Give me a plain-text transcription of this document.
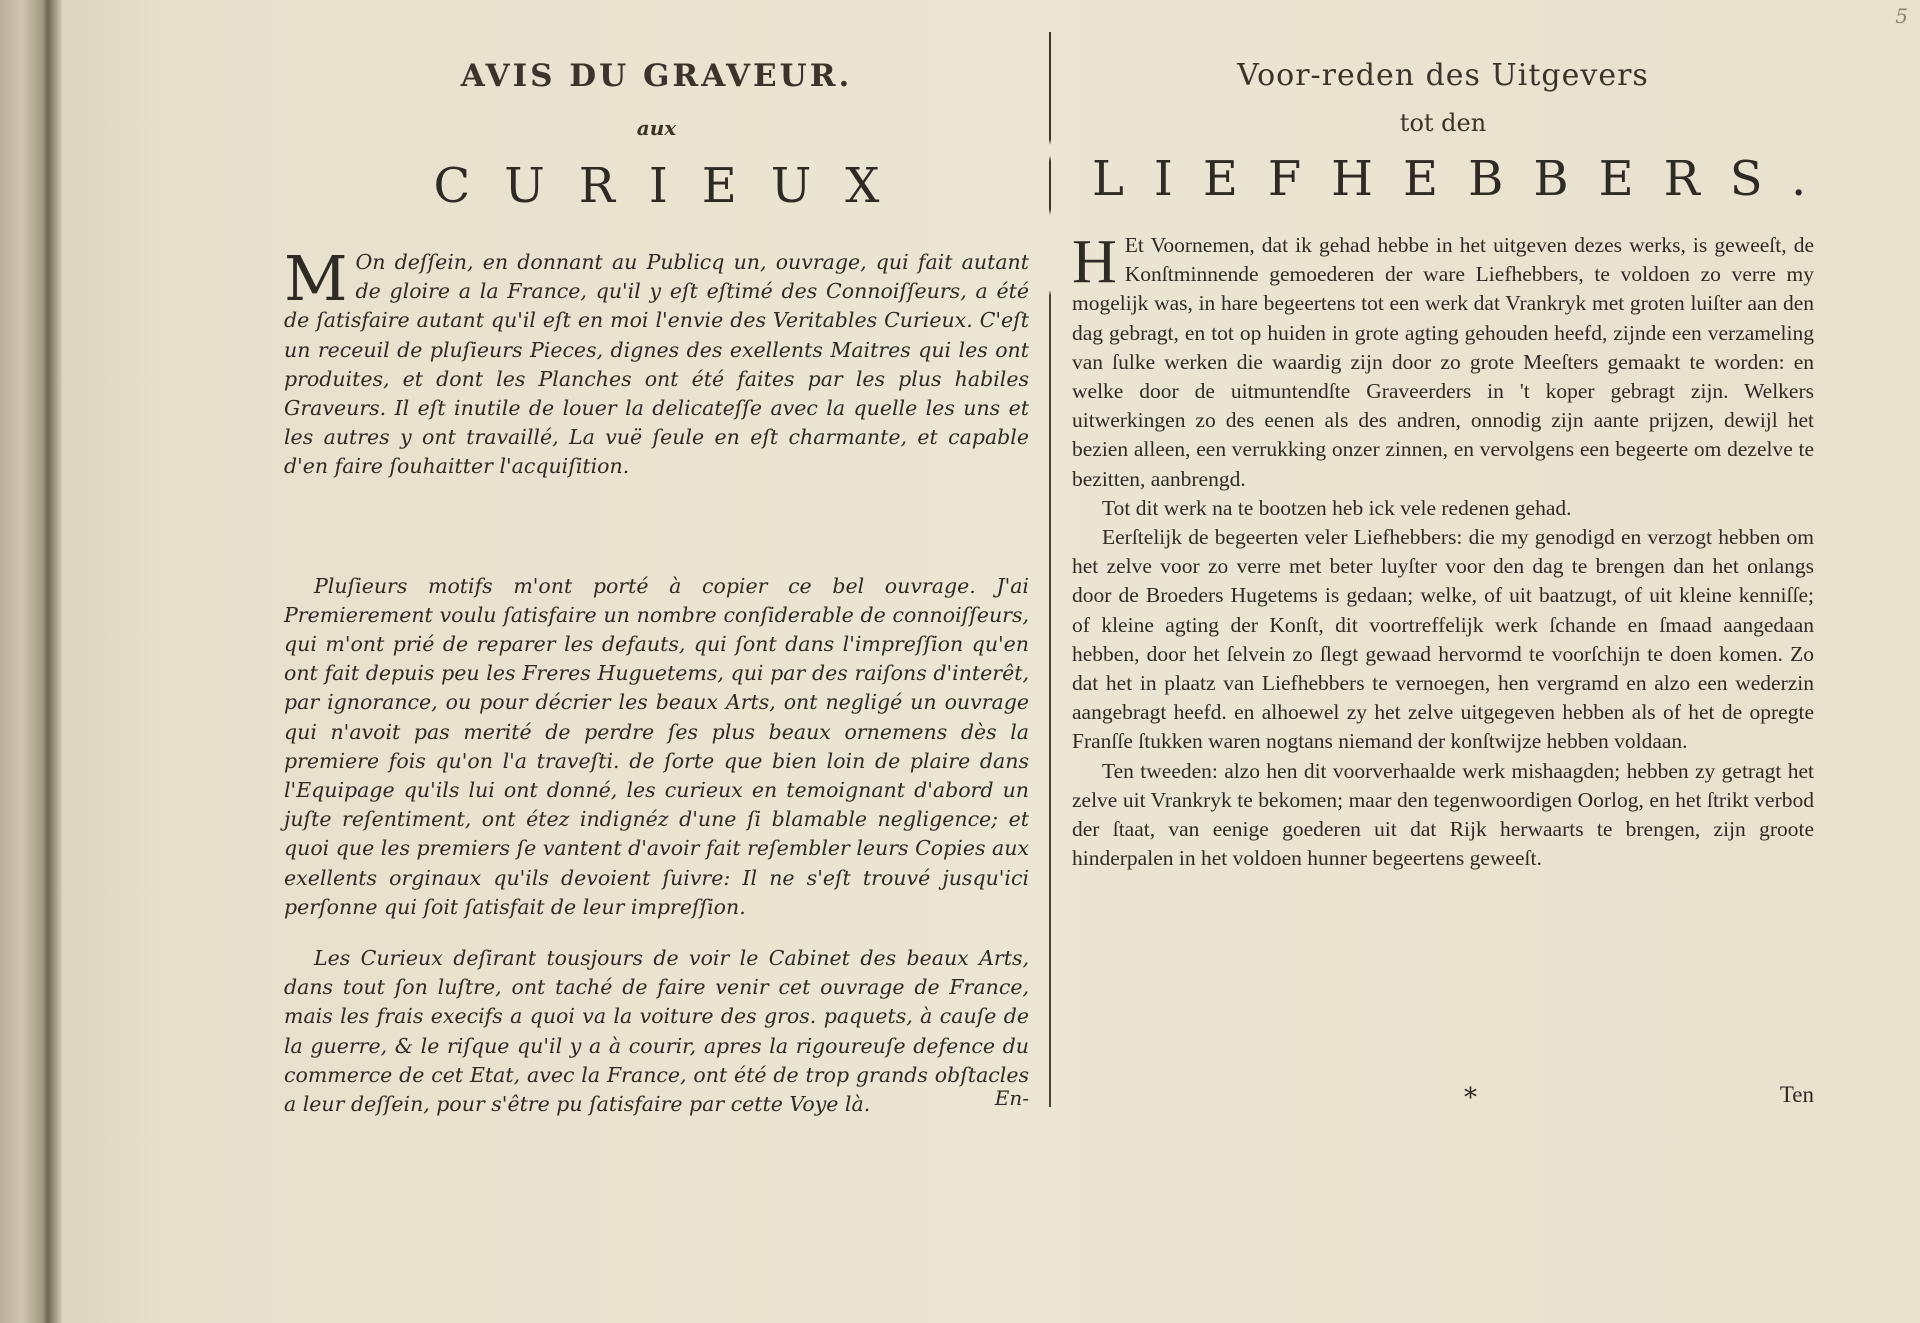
5
AVIS DU GRAVEUR.
aux
CURIEUX

M On deſſein, en donnant au Publicq un, ouvrage, qui fait autant de gloire a la France, qu'il y eſt eſtimé des Connoiſſeurs, a été de ſatisfaire autant qu'il eſt en moi l'envie des Veritables Curieux. C'eſt un receuil de pluſieurs Pieces, dignes des exellents Maitres qui les ont produites, et dont les Planches ont été faites par les plus habiles Graveurs. Il eſt inutile de louer la delicateſſe avec la quelle les uns et les autres y ont travaillé, La vuë ſeule en eſt charmante, et capable d'en faire ſouhaitter l'acquiſition.

Pluſieurs motifs m'ont porté à copier ce bel ouvrage. J'ai Premierement voulu ſatisfaire un nombre conſiderable de connoiſſeurs, qui m'ont prié de reparer les defauts, qui ſont dans l'impreſſion qu'en ont fait depuis peu les Freres Huguetems, qui par des raiſons d'interêt, par ignorance, ou pour décrier les beaux Arts, ont negligé un ouvrage qui n'avoit pas merité de perdre ſes plus beaux ornemens dès la premiere fois qu'on l'a traveſti. de ſorte que bien loin de plaire dans l'Equipage qu'ils lui ont donné, les curieux en temoignant d'abord un juſte reſentiment, ont étez indignéz d'une ſi blamable negligence; et quoi que les premiers ſe vantent d'avoir fait reſembler leurs Copies aux exellents orginaux qu'ils devoient ſuivre: Il ne s'eſt trouvé jusqu'ici perſonne qui ſoit ſatisfait de leur impreſſion.

Les Curieux deſirant tousjours de voir le Cabinet des beaux Arts, dans tout ſon luſtre, ont taché de faire venir cet ouvrage de France, mais les frais execifs a quoi va la voiture des gros. paquets, à cauſe de la guerre, & le riſque qu'il y a à courir, apres la rigoureuſe defence du commerce de cet Etat, avec la France, ont été de trop grands obſtacles a leur deſſein, pour s'être pu ſatisfaire par cette Voye là.	En-
Voor-reden des Uitgevers
tot den
LIEFHEBBERS.

H Et Voornemen, dat ik gehad hebbe in het uitgeven dezes werks, is geweeſt, de Konſtminnende gemoederen der ware Liefhebbers, te voldoen zo verre my mogelijk was, in hare begeertens tot een werk dat Vrankryk met groten luiſter aan den dag gebragt, en tot op huiden in grote agting gehouden heefd, zijnde een verzameling van ſulke werken die waardig zijn door zo grote Meeſters gemaakt te worden: en welke door de uitmuntendſte Graveerders in 't koper gebragt zijn. Welkers uitwerkingen zo des eenen als des andren, onnodig zijn aante prijzen, dewijl het bezien alleen, een verrukking onzer zinnen, en vervolgens een begeerte om dezelve te bezitten, aanbrengd.

Tot dit werk na te bootzen heb ick vele redenen gehad.

Eerſtelijk de begeerten veler Liefhebbers: die my genodigd en verzogt hebben om het zelve voor zo verre met beter luyſter voor den dag te brengen dan het onlangs door de Broeders Hugetems is gedaan; welke, of uit baatzugt, of uit kleine kenniſſe; of kleine agting der Konſt, dit voortreffelijk werk ſchande en ſmaad aangedaan hebben, door het ſelvein zo ſlegt gewaad hervormd te voorſchijn te doen komen. Zo dat het in plaatz van Liefhebbers te vernoegen, hen vergramd en alzo een wederzin aangebragt heefd. en alhoewel zy het zelve uitgegeven hebben als of het de opregte Franſſe ſtukken waren nogtans niemand der konſtwijze hebben voldaan.

Ten tweeden: alzo hen dit voorverhaalde werk mishaagden; hebben zy getragt het zelve uit Vrankryk te bekomen; maar den tegenwoordigen Oorlog, en het ſtrikt verbod der ſtaat, van eenige goederen uit dat Rijk herwaarts te brengen, zijn groote hinderpalen in het voldoen hunner begeertens geweeſt.

*	Ten
